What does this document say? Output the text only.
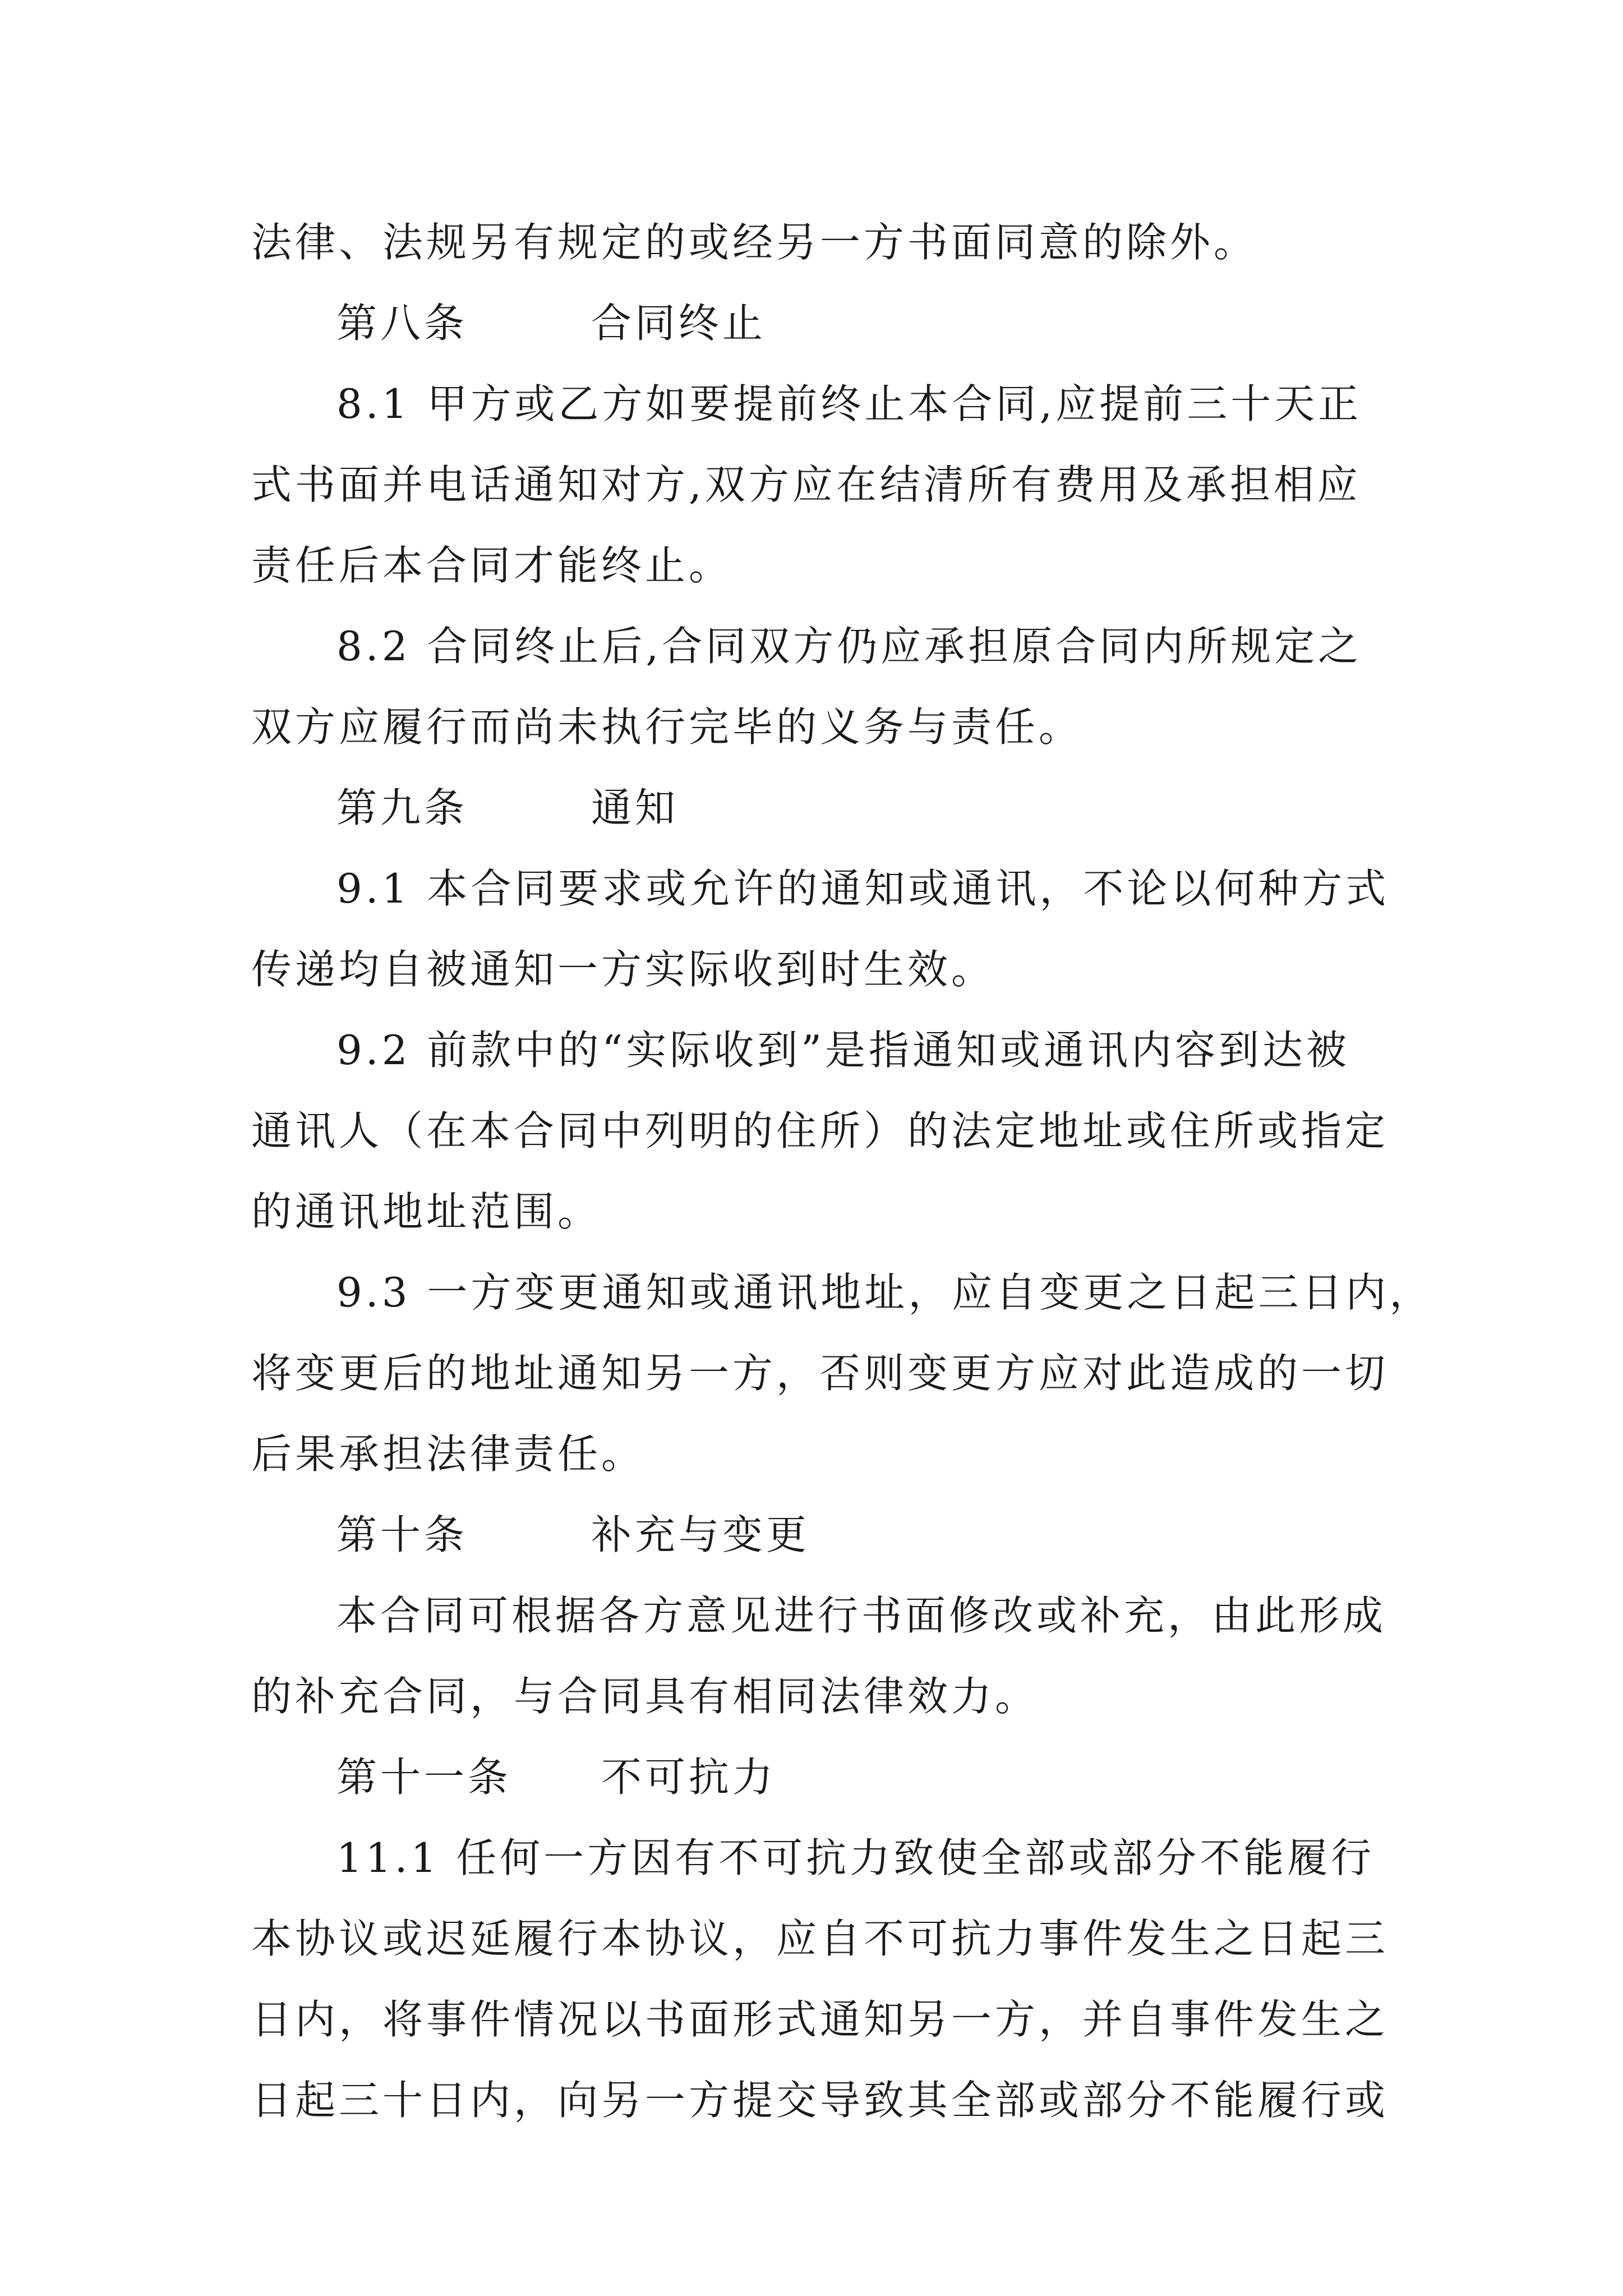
法律、法规另有规定的或经另一方书面同意的除外。
第八条	合同终止
8.1 甲方或乙方如要提前终止本合同,应提前三十天正
式书面并电话通知对方,双方应在结清所有费用及承担相应
责任后本合同才能终止。
8.2 合同终止后,合同双方仍应承担原合同内所规定之
双方应履行而尚未执行完毕的义务与责任。
第九条	通知
9.1 本合同要求或允许的通知或通讯，不论以何种方式
传递均自被通知一方实际收到时生效。
9.2 前款中的“实际收到”是指通知或通讯内容到达被
通讯人（在本合同中列明的住所）的法定地址或住所或指定
的通讯地址范围。
9.3 一方变更通知或通讯地址，应自变更之日起三日内，
将变更后的地址通知另一方，否则变更方应对此造成的一切
后果承担法律责任。
第十条	补充与变更
本合同可根据各方意见进行书面修改或补充，由此形成
的补充合同，与合同具有相同法律效力。
第十一条 不可抗力
11.1 任何一方因有不可抗力致使全部或部分不能履行
本协议或迟延履行本协议，应自不可抗力事件发生之日起三
日内，将事件情况以书面形式通知另一方，并自事件发生之
日起三十日内，向另一方提交导致其全部或部分不能履行或
